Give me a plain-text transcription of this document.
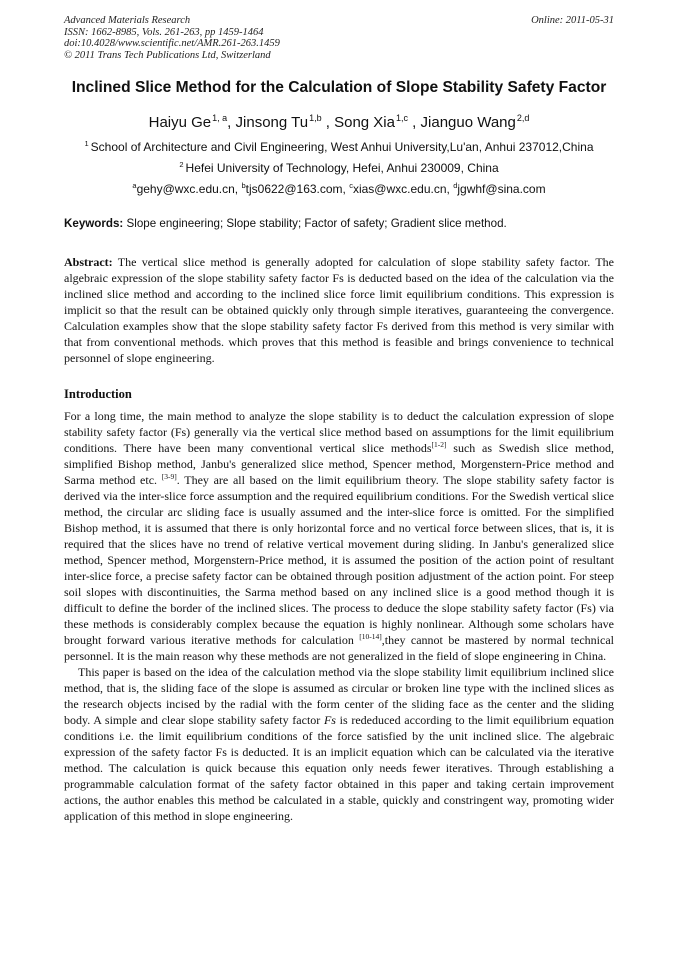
Advanced Materials Research
ISSN: 1662-8985, Vols. 261-263, pp 1459-1464
doi:10.4028/www.scientific.net/AMR.261-263.1459
© 2011 Trans Tech Publications Ltd, Switzerland
Online: 2011-05-31
Inclined Slice Method for the Calculation of Slope Stability Safety Factor
Haiyu Ge$^{1, a}$, Jinsong Tu$^{1,b}$ , Song Xia$^{1,c}$ , Jianguo Wang$^{2,d}$
$^1$ School of Architecture and Civil Engineering, West Anhui University,Lu'an, Anhui 237012,China
$^2$ Hefei University of Technology, Hefei, Anhui 230009, China
$^a$gehy@wxc.edu.cn, $^b$tjs0622@163.com, $^c$xias@wxc.edu.cn, $^d$jgwhf@sina.com
Keywords: Slope engineering; Slope stability; Factor of safety; Gradient slice method.
Abstract: The vertical slice method is generally adopted for calculation of slope stability safety factor. The algebraic expression of the slope stability safety factor Fs is deducted based on the idea of the calculation via the inclined slice method and according to the inclined slice force limit equilibrium conditions. This expression is implicit so that the result can be obtained quickly only through simple iteratives, guaranteeing the convergence. Calculation examples show that the slope stability safety factor Fs derived from this method is very similar with that from conventional methods. which proves that this method is feasible and brings convenience to technical personnel of slope engineering.
Introduction

For a long time, the main method to analyze the slope stability is to deduct the calculation expression of slope stability safety factor (Fs) generally via the vertical slice method based on assumptions for the limit equilibrium conditions. There have been many conventional vertical slice methods[1-2] such as Swedish slice method, simplified Bishop method, Janbu's generalized slice method, Spencer method, Morgenstern-Price method and Sarma method etc. [3-9]. They are all based on the limit equilibrium theory. The slope stability safety factor is derived via the inter-slice force assumption and the required equilibrium conditions. For the Swedish vertical slice method, the circular arc sliding face is usually assumed and the inter-slice force is omitted. For the simplified Bishop method, it is assumed that there is only horizontal force and no vertical force between slices, that is, it is required that the slices have no trend of relative vertical movement during sliding. In Janbu's generalized slice method, Spencer method, Morgenstern-Price method, it is assumed the position of the action point of resultant inter-slice force, a precise safety factor can be obtained through position adjustment of the action point. For steep soil slopes with discontinuities, the Sarma method based on any inclined slice is a good method though it is difficult to define the border of the inclined slices. The process to deduce the slope stability safety factor (Fs) via these methods is considerably complex because the equation is highly nonlinear. Although some scholars have brought forward various iterative methods for calculation [10-14],they cannot be mastered by normal technical personnel. It is the main reason why these methods are not generalized in the field of slope engineering in China.

This paper is based on the idea of the calculation method via the slope stability limit equilibrium inclined slice method, that is, the sliding face of the slope is assumed as circular or broken line type with the inclined slices as the research objects incised by the radial with the form center of the sliding face as the center and the sliding body. A simple and clear slope stability safety factor Fs is rededuced according to the limit equilibrium equation conditions i.e. the limit equilibrium conditions of the force satisfied by the unit inclined slice. The algebraic expression of the safety factor Fs is deducted. It is an implicit equation which can be calculated via the iterative method. The calculation is quick because this equation only needs fewer iteratives. Through establishing a programmable calculation format of the safety factor obtained in this paper and taking certain improvement actions, the author enables this method be calculated in a stable, quickly and constringent way, promoting wider application of this method in slope engineering.
